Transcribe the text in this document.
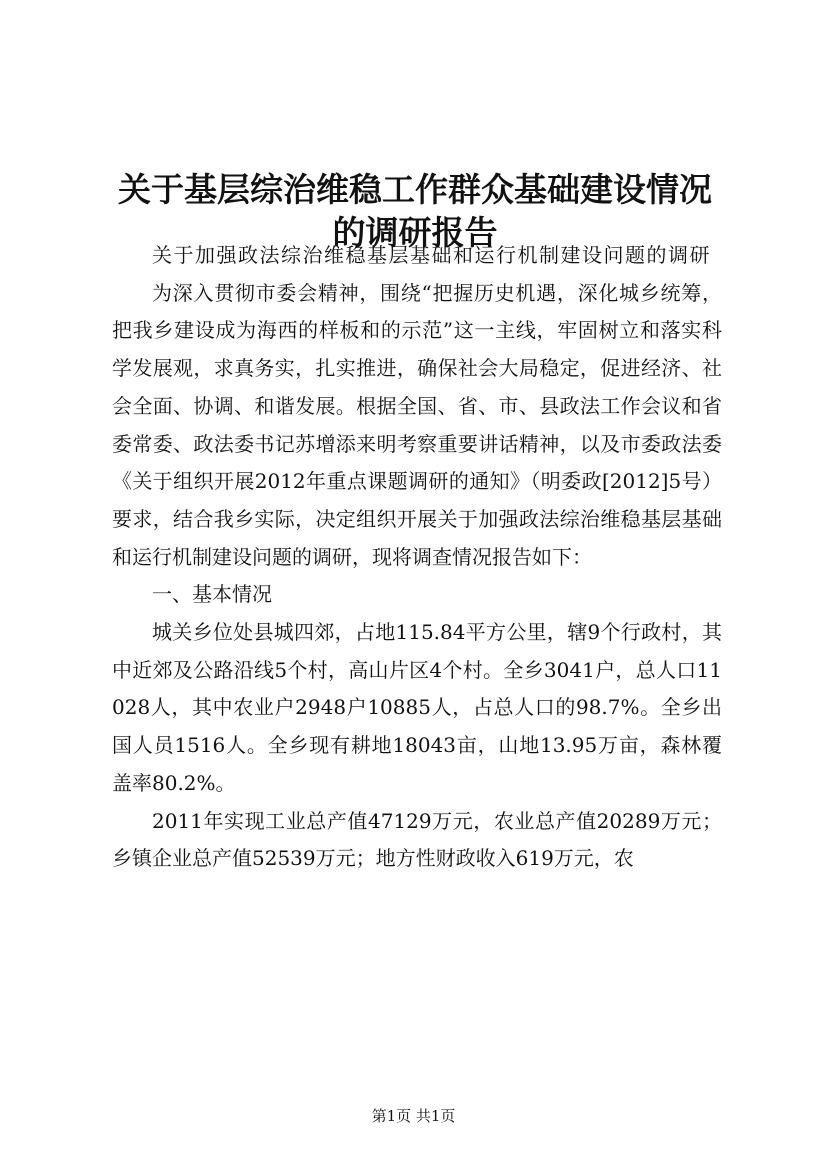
关于基层综治维稳工作群众基础建设情况的调研报告

关于加强政法综治维稳基层基础和运行机制建设问题的调研

为深入贯彻市委会精神，围绕“把握历史机遇，深化城乡统筹，把我乡建设成为海西的样板和的示范”这一主线，牢固树立和落实科学发展观，求真务实，扎实推进，确保社会大局稳定，促进经济、社会全面、协调、和谐发展。根据全国、省、市、县政法工作会议和省委常委、政法委书记苏增添来明考察重要讲话精神，以及市委政法委《关于组织开展2012年重点课题调研的通知》（明委政[2012]5号）要求，结合我乡实际，决定组织开展关于加强政法综治维稳基层基础和运行机制建设问题的调研，现将调查情况报告如下：

一、基本情况

城关乡位处县城四郊，占地115.84平方公里，辖9个行政村，其中近郊及公路沿线5个村，高山片区4个村。全乡3041户，总人口11028人，其中农业户2948户10885人，占总人口的98.7%。全乡出国人员1516人。全乡现有耕地18043亩，山地13.95万亩，森林覆盖率80.2%。

2011年实现工业总产值47129万元，农业总产值20289万元；乡镇企业总产值52539万元；地方性财政收入619万元，农

第1页 共1页
